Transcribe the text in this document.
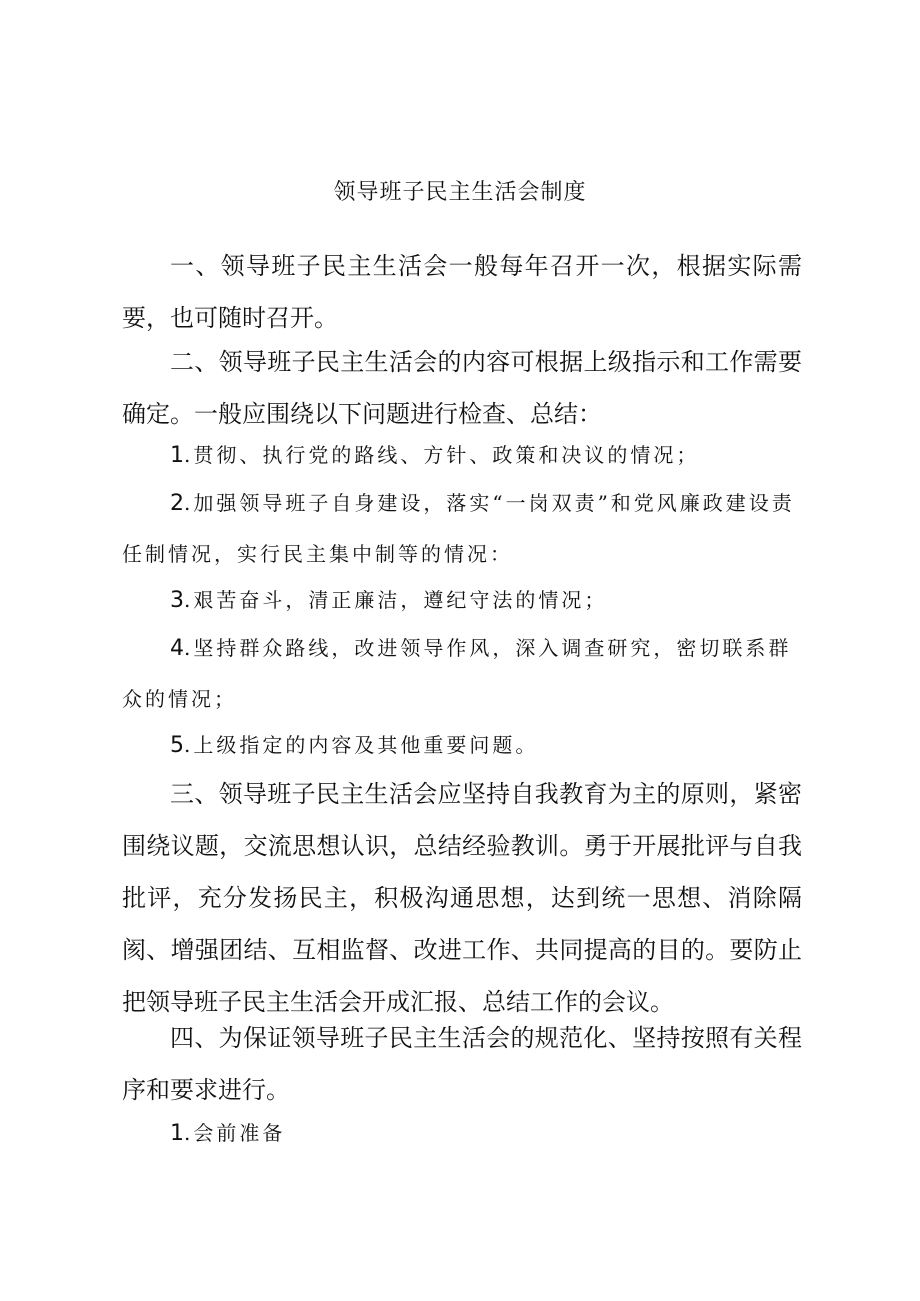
领导班子民主生活会制度
一、领导班子民主生活会一般每年召开一次，根据实际需要，也可随时召开。
二、领导班子民主生活会的内容可根据上级指示和工作需要确定。一般应围绕以下问题进行检查、总结：
1.贯彻、执行党的路线、方针、政策和决议的情况；
2.加强领导班子自身建设，落实“一岗双责”和党风廉政建设责任制情况，实行民主集中制等的情况：
3.艰苦奋斗，清正廉洁，遵纪守法的情况；
4.坚持群众路线，改进领导作风，深入调查研究，密切联系群众的情况；
5.上级指定的内容及其他重要问题。
三、领导班子民主生活会应坚持自我教育为主的原则，紧密围绕议题，交流思想认识，总结经验教训。勇于开展批评与自我批评，充分发扬民主，积极沟通思想，达到统一思想、消除隔阂、增强团结、互相监督、改进工作、共同提高的目的。要防止把领导班子民主生活会开成汇报、总结工作的会议。
四、为保证领导班子民主生活会的规范化、坚持按照有关程序和要求进行。
1.会前准备
